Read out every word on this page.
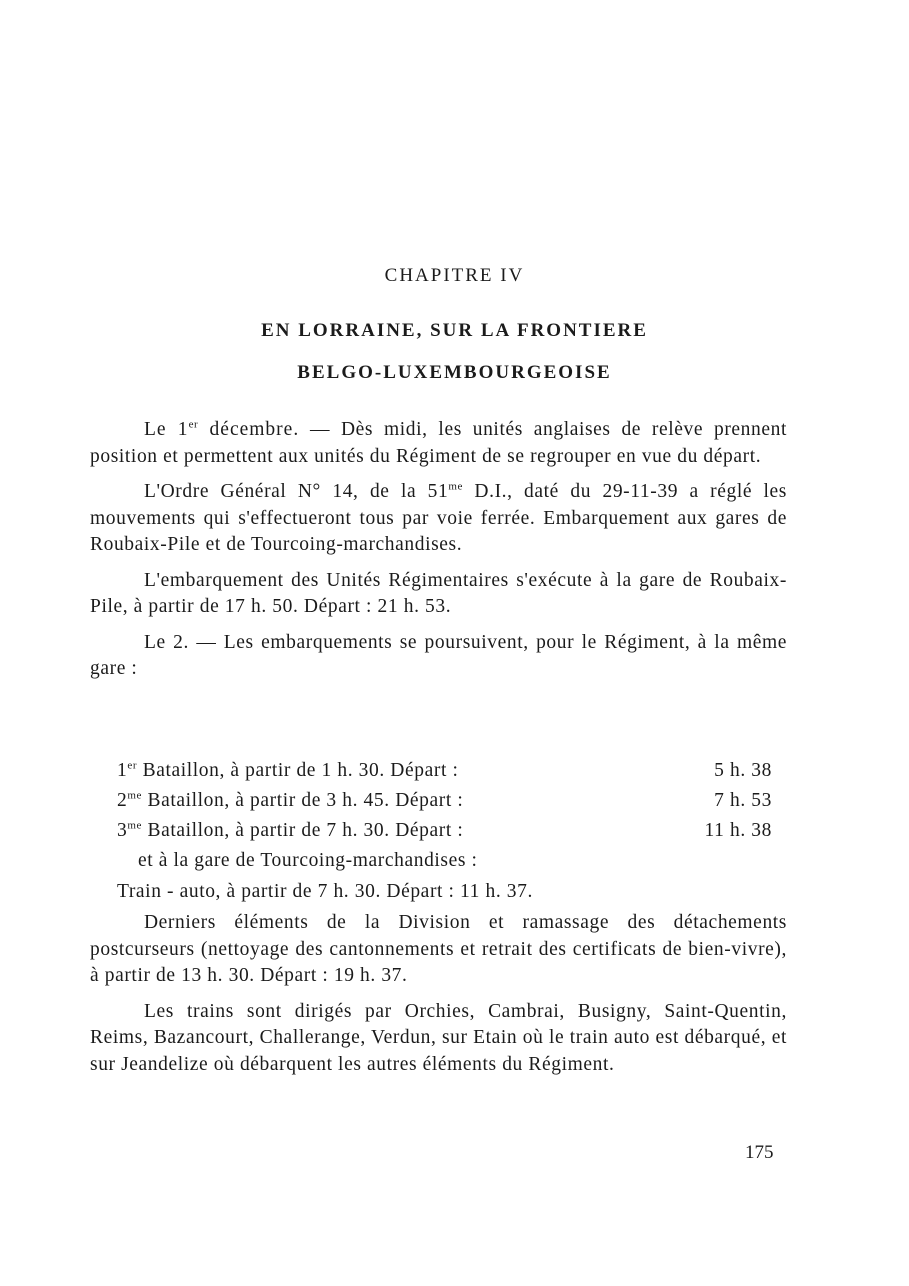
CHAPITRE IV
EN LORRAINE, SUR LA FRONTIERE
BELGO-LUXEMBOURGEOISE

Le 1er décembre. — Dès midi, les unités anglaises de relève prennent position et permettent aux unités du Régiment de se regrouper en vue du départ.

L'Ordre Général N° 14, de la $51^{me}$ D.I., daté du 29-11-39 a réglé les mouvements qui s'effectueront tous par voie ferrée. Embarquement aux gares de Roubaix-Pile et de Tourcoing-marchandises.

L'embarquement des Unités Régimentaires s'exécute à la gare de Roubaix-Pile, à partir de 17 h. 50. Départ : 21 h. 53.

Le 2. — Les embarquements se poursuivent, pour le Régiment, à la même gare :

1er Bataillon, à partir de 1 h. 30. Départ :	5 h. 38
$2^{me}$ Bataillon, à partir de 3 h. 45. Départ :	7 h. 53
$3^{me}$ Bataillon, à partir de 7 h. 30. Départ :	11 h. 38
et à la gare de Tourcoing-marchandises :
Train - auto, à partir de 7 h. 30. Départ : 11 h. 37.

Derniers éléments de la Division et ramassage des détachements postcurseurs (nettoyage des cantonnements et retrait des certificats de bien-vivre), à partir de 13 h. 30. Départ : 19 h. 37.

Les trains sont dirigés par Orchies, Cambrai, Busigny, Saint-Quentin, Reims, Bazancourt, Challerange, Verdun, sur Etain où le train auto est débarqué, et sur Jeandelize où débarquent les autres éléments du Régiment.

175
